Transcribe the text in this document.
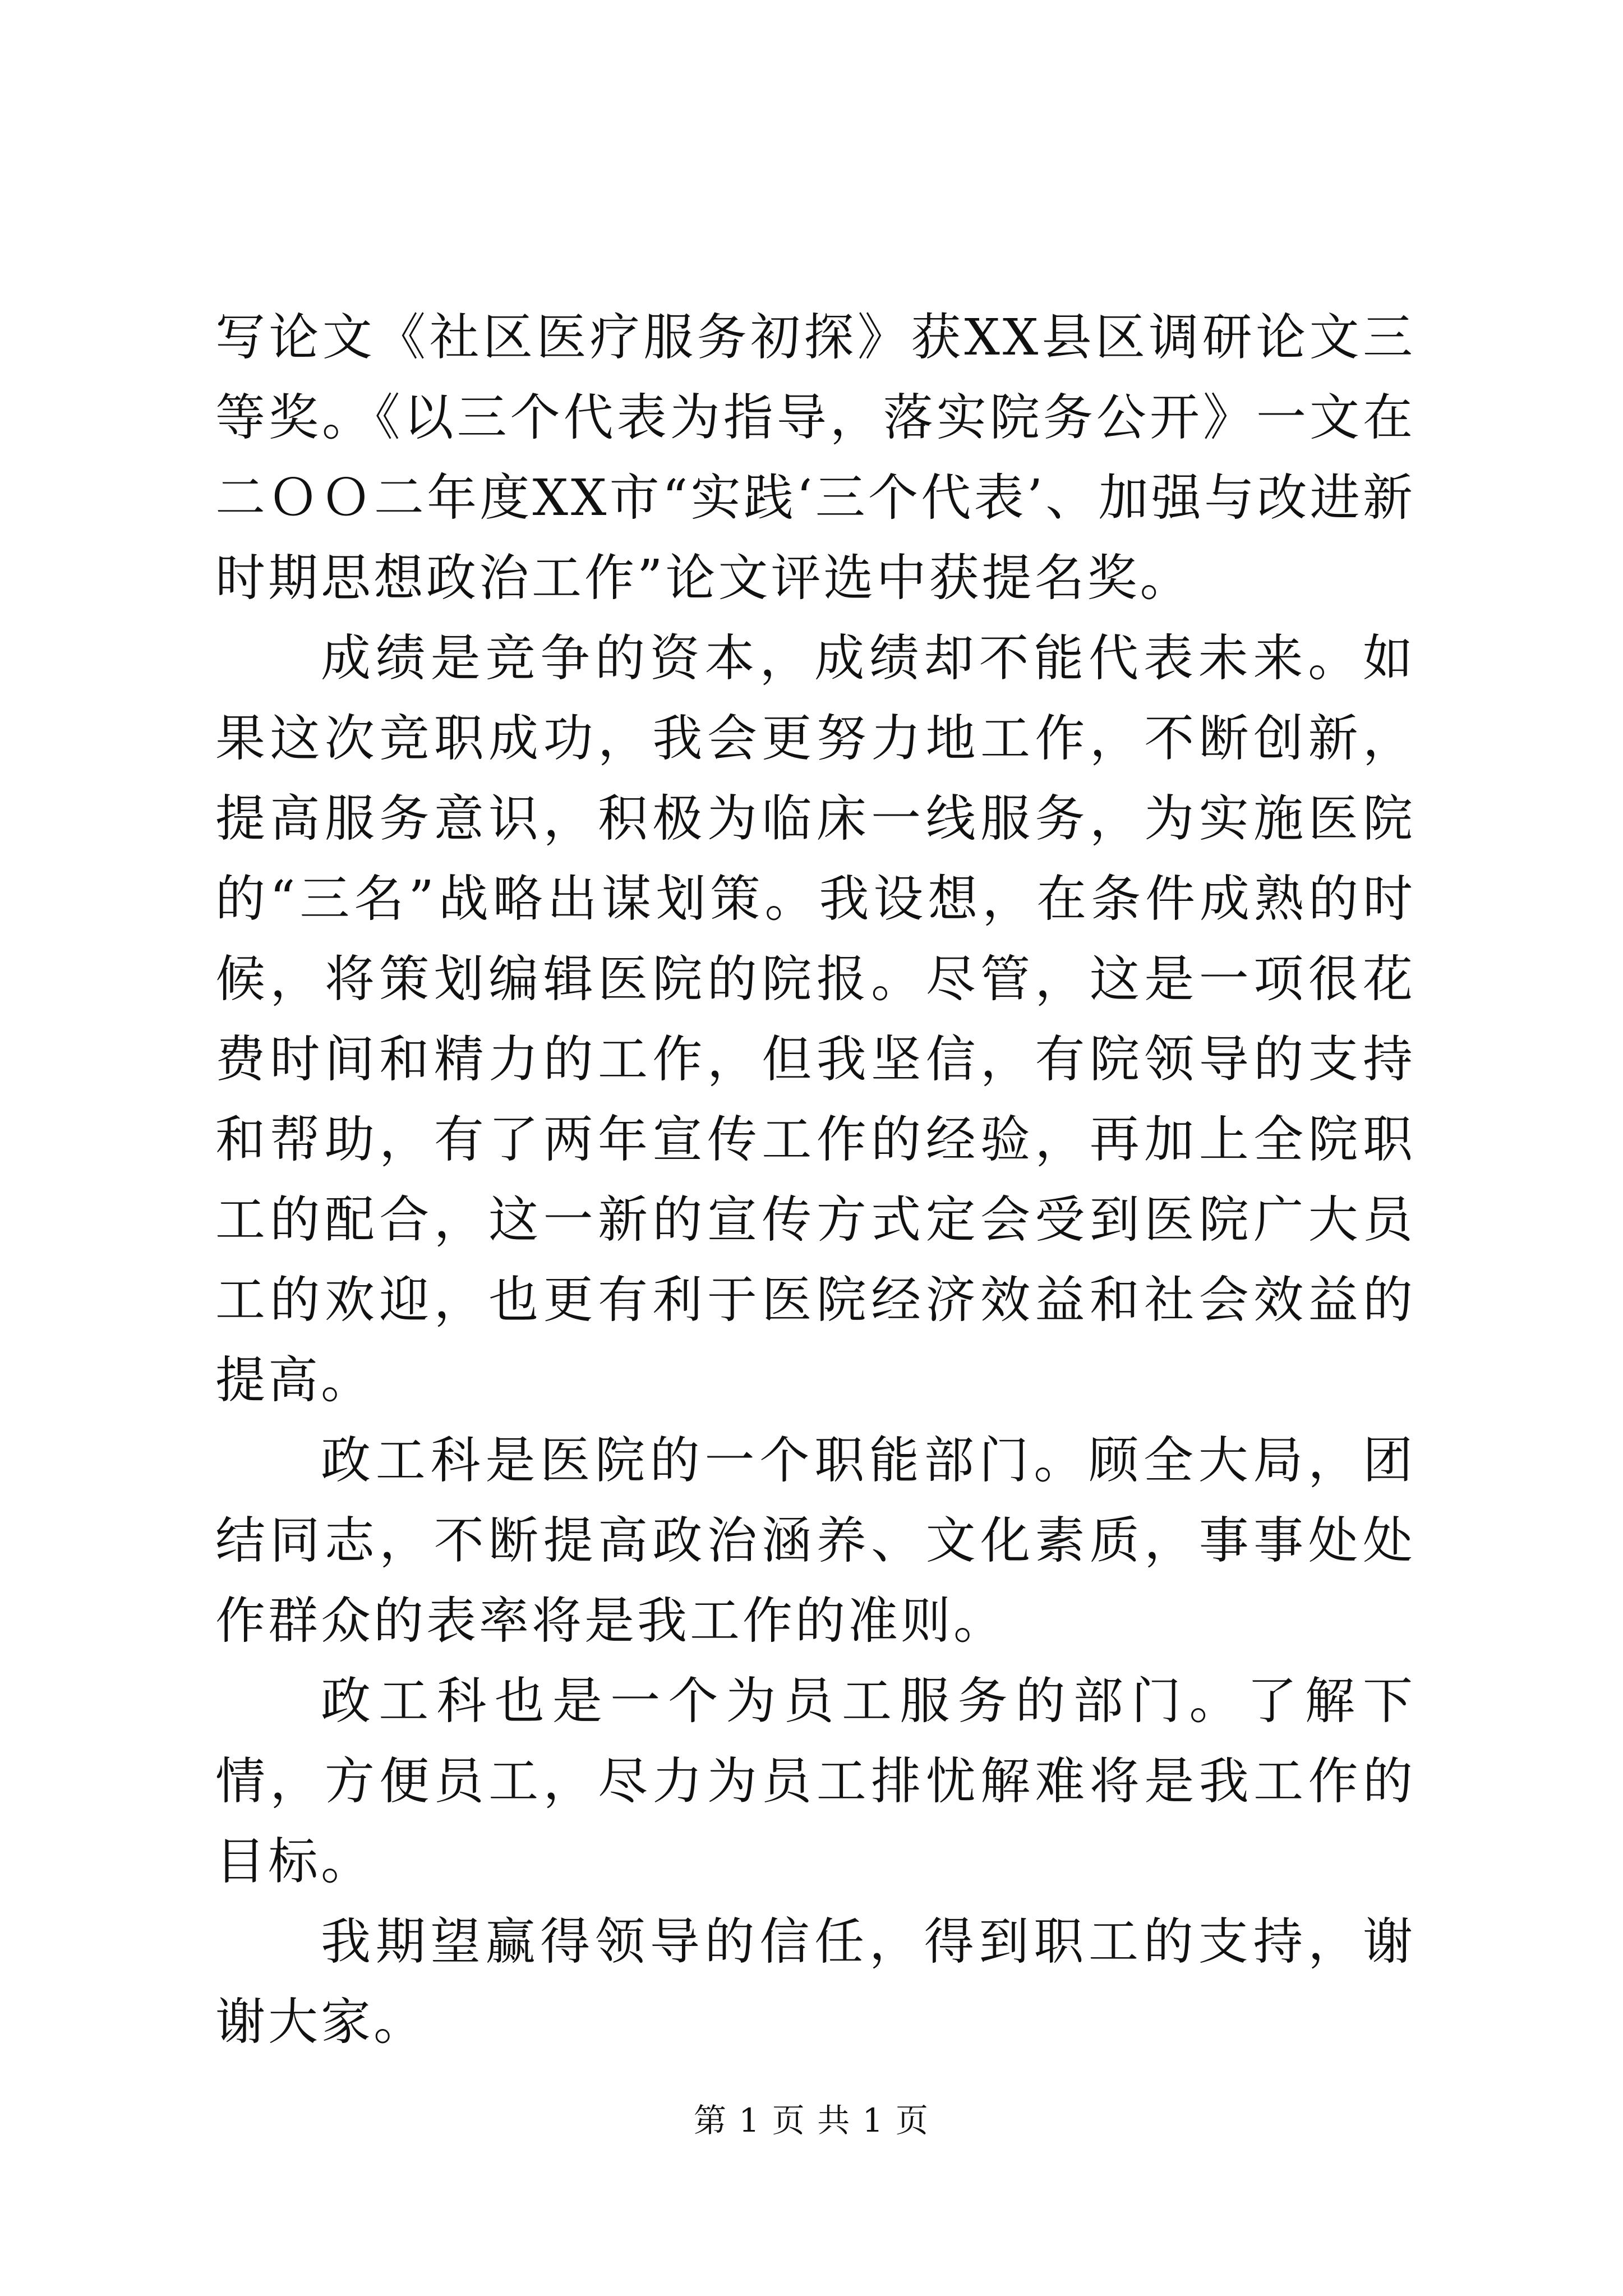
写论文《社区医疗服务初探》获XX县区调研论文三等奖。《以三个代表为指导，落实院务公开》一文在二ＯＯ二年度XX市“实践‘三个代表’、加强与改进新时期思想政治工作”论文评选中获提名奖。

成绩是竞争的资本，成绩却不能代表未来。如果这次竞职成功，我会更努力地工作，不断创新，提高服务意识，积极为临床一线服务，为实施医院的“三名”战略出谋划策。我设想，在条件成熟的时候，将策划编辑医院的院报。尽管，这是一项很花费时间和精力的工作，但我坚信，有院领导的支持和帮助，有了两年宣传工作的经验，再加上全院职工的配合，这一新的宣传方式定会受到医院广大员工的欢迎，也更有利于医院经济效益和社会效益的提高。

政工科是医院的一个职能部门。顾全大局，团结同志，不断提高政治涵养、文化素质，事事处处作群众的表率将是我工作的准则。

政工科也是一个为员工服务的部门。了解下情，方便员工，尽力为员工排忧解难将是我工作的目标。

我期望赢得领导的信任，得到职工的支持，谢谢大家。

第 1 页 共 1 页
